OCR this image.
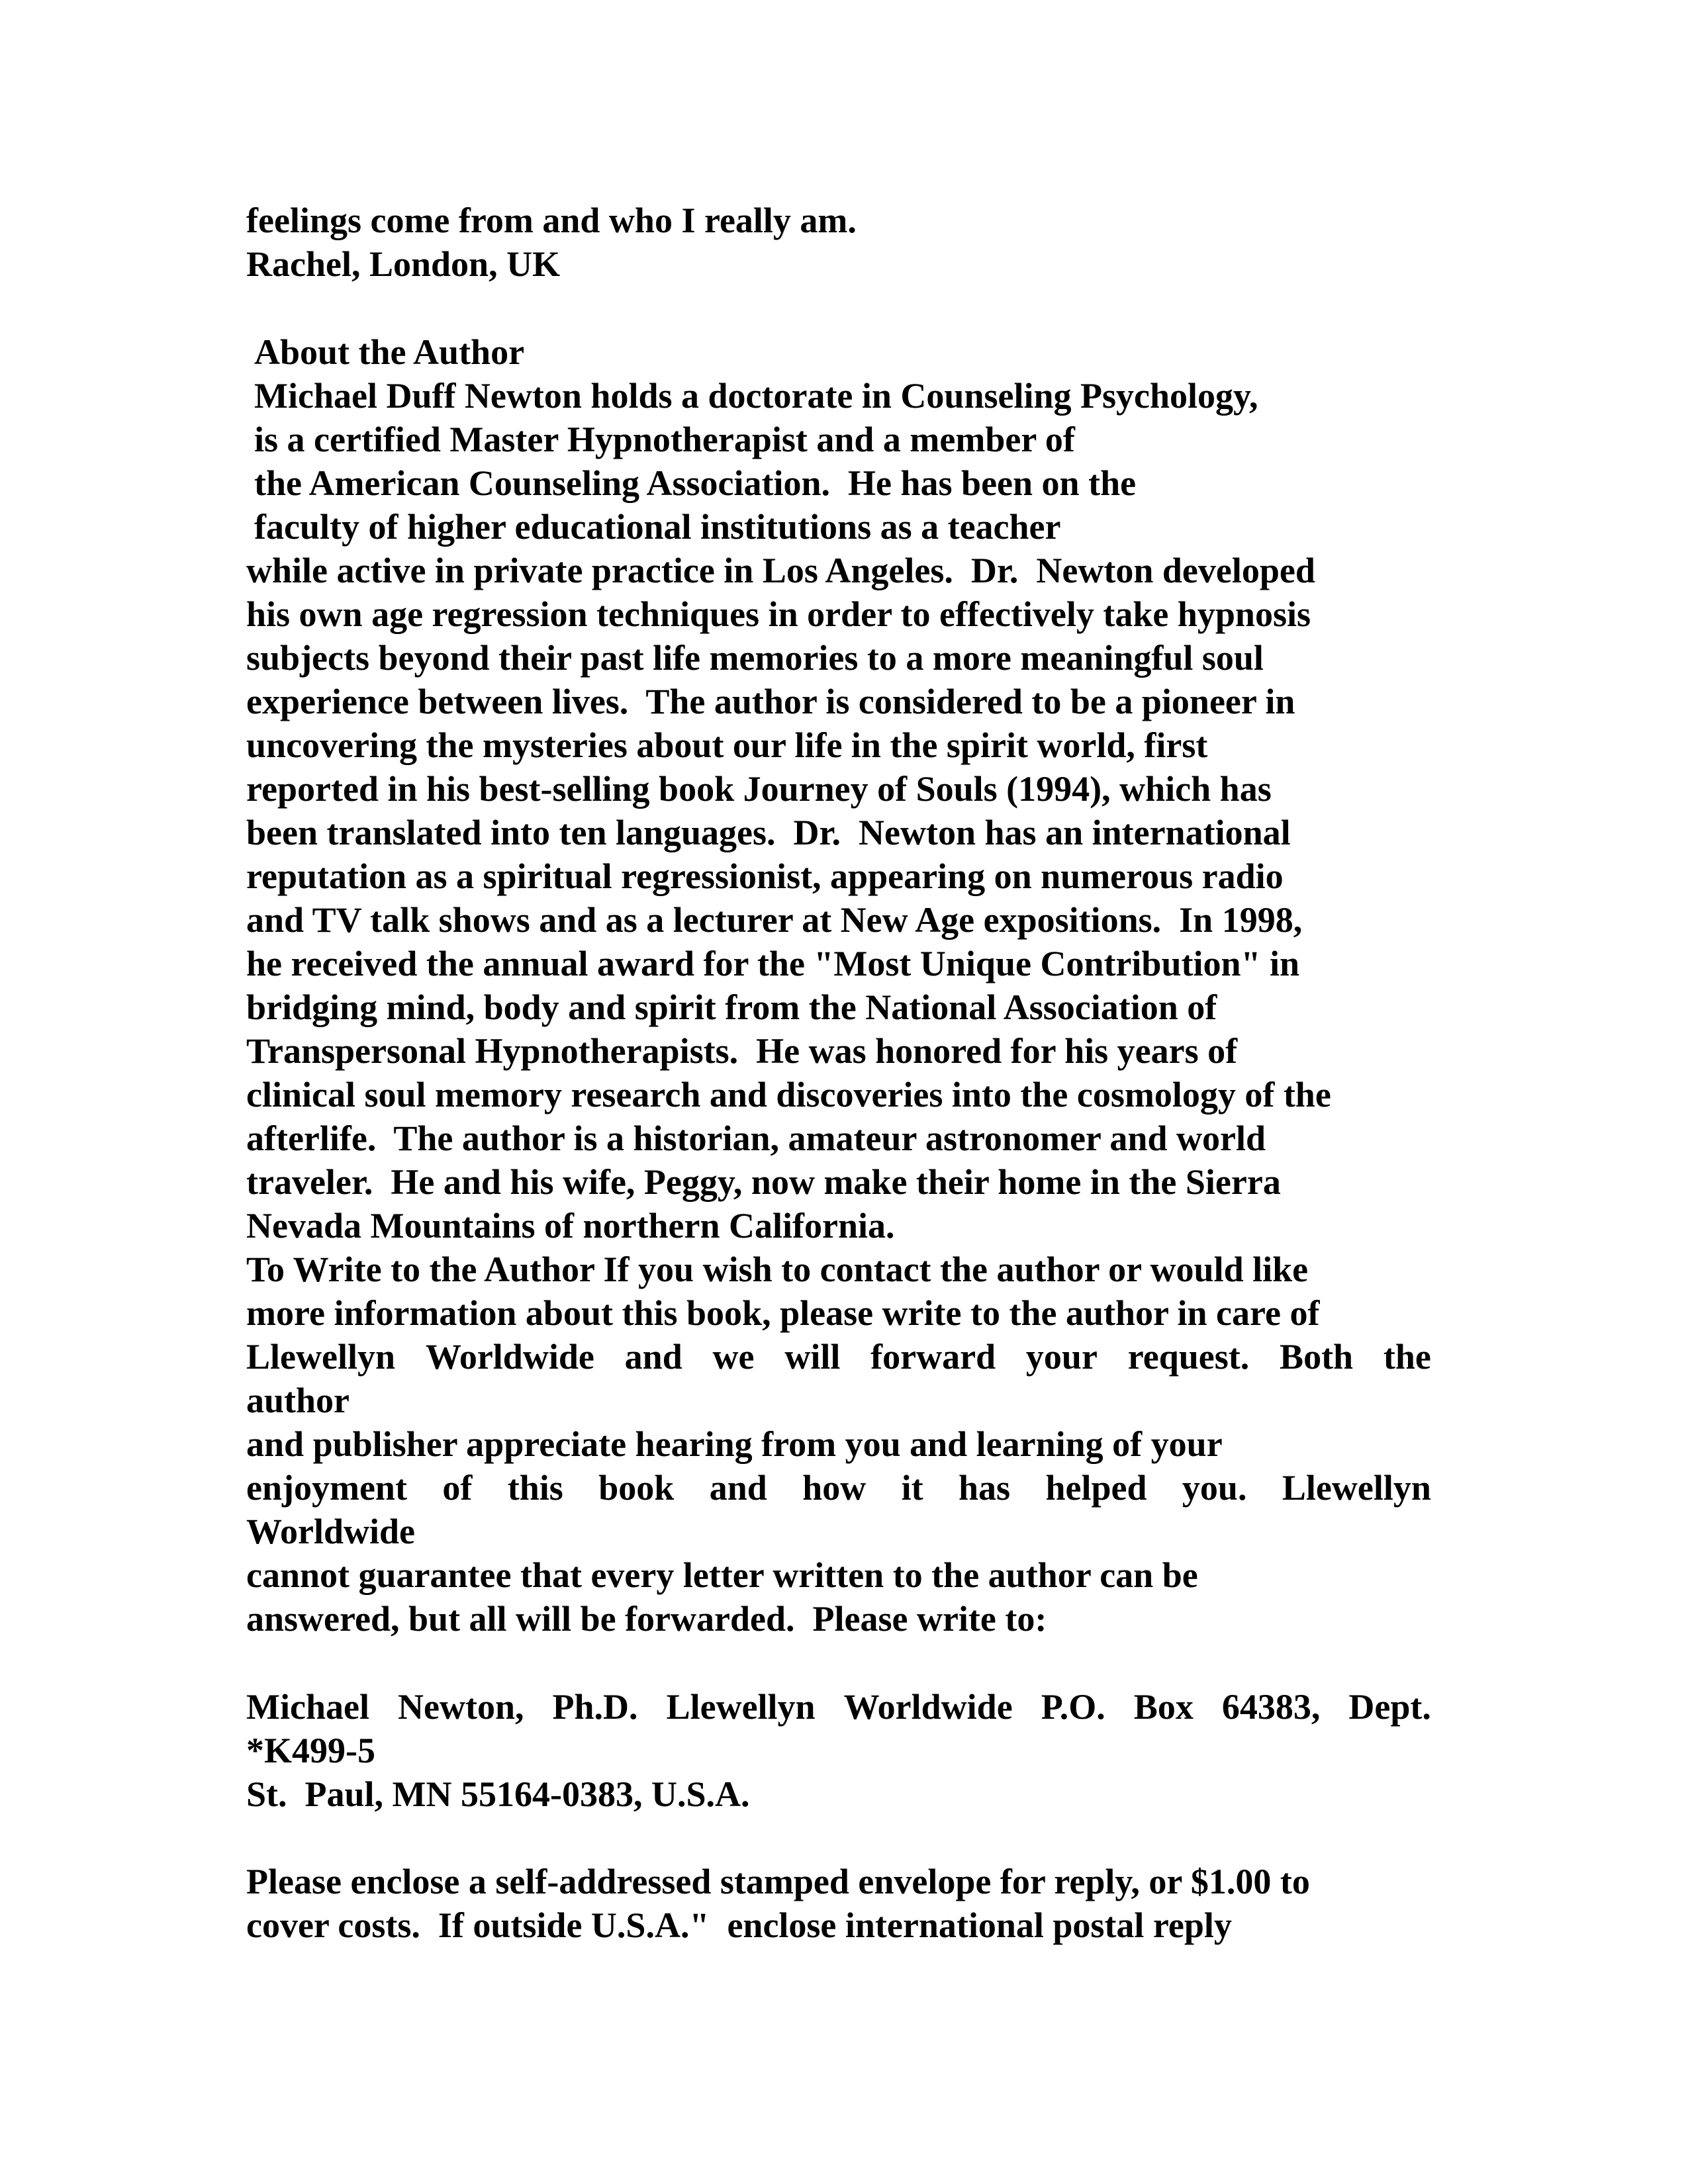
feelings come from and who I really am.
Rachel, London, UK
About the Author
Michael Duff Newton holds a doctorate in Counseling Psychology,
is a certified Master Hypnotherapist and a member of
the American Counseling Association.  He has been on the
faculty of higher educational institutions as a teacher
while active in private practice in Los Angeles.  Dr.  Newton developed
his own age regression techniques in order to effectively take hypnosis
subjects beyond their past life memories to a more meaningful soul
experience between lives.  The author is considered to be a pioneer in
uncovering the mysteries about our life in the spirit world, first
reported in his best-selling book Journey of Souls (1994), which has
been translated into ten languages.  Dr.  Newton has an international
reputation as a spiritual regressionist, appearing on numerous radio
and TV talk shows and as a lecturer at New Age expositions.  In 1998,
he received the annual award for the "Most Unique Contribution" in
bridging mind, body and spirit from the National Association of
Transpersonal Hypnotherapists.  He was honored for his years of
clinical soul memory research and discoveries into the cosmology of the
afterlife.  The author is a historian, amateur astronomer and world
traveler.  He and his wife, Peggy, now make their home in the Sierra
Nevada Mountains of northern California.
To Write to the Author If you wish to contact the author or would like
more information about this book, please write to the author in care of
Llewellyn Worldwide and we will forward your request. Both the
author
and publisher appreciate hearing from you and learning of your
enjoyment of this book and how it has helped you. Llewellyn
Worldwide
cannot guarantee that every letter written to the author can be
answered, but all will be forwarded.  Please write to:
Michael Newton, Ph.D. Llewellyn Worldwide P.O. Box 64383, Dept.
*K499-5
St.  Paul, MN 55164-0383, U.S.A.
Please enclose a self-addressed stamped envelope for reply, or $1.00 to
cover costs.  If outside U.S.A."  enclose international postal reply
